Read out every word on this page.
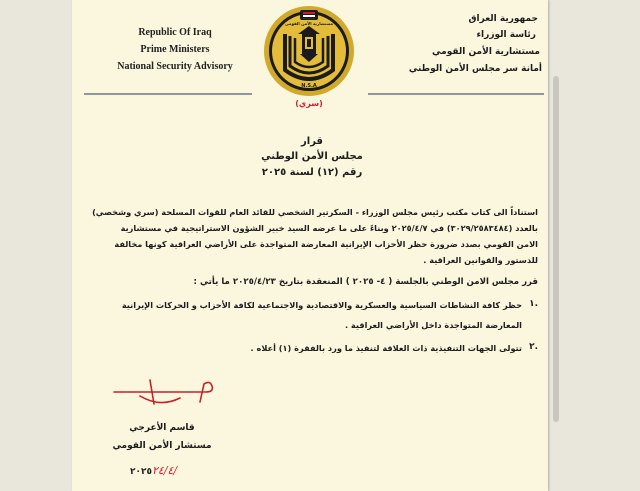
Republic Of Iraq
Prime Ministers
National Security Advisory
جمهورية العراق
رئاسة الوزراء
مستشارية الأمن القومي
أمانة سر مجلس الأمن الوطني
مستشارية الأمن القومي
N.S.A
(سري)
قرار
مجلس الأمن الوطني
رقم (١٢) لسنة ٢٠٢٥
استناداً الى كتاب مكتب رئيس مجلس الوزراء - السكرتير الشخصي للقائد العام للقوات المسلحة (سري وشخصي)
بالعدد (٣٠٢٩/٢٥٨٣٤٨٤) في ٢٠٢٥/٤/٧ وبناءً على ما عرضه السيد خبير الشؤون الاستراتيجية في مستشارية
الامن القومي بصدد ضرورة حظر الأحزاب الإيرانية المعارضة المتواجدة على الأراضي العراقية كونها مخالفة
للدستور والقوانين العراقية .
قرر مجلس الامن الوطني بالجلسة ( ٤- ٢٠٢٥ ) المنعقدة بتاريخ ٢٠٢٥/٤/٢٣ ما يأتي :
١.
حظر كافة النشاطات السياسية والعسكرية والاقتصادية والاجتماعية لكافة الأحزاب و الحركات الإيرانية
المعارضة المتواجدة داخل الأراضي العراقية .
٢.
تتولى الجهات التنفيذية ذات العلاقة لتنفيذ ما ورد بالفقرة (١) أعلاه .
قاسم الأعرجي
مستشار الأمن القومي
٢٠٢٥٢٤/٤/
